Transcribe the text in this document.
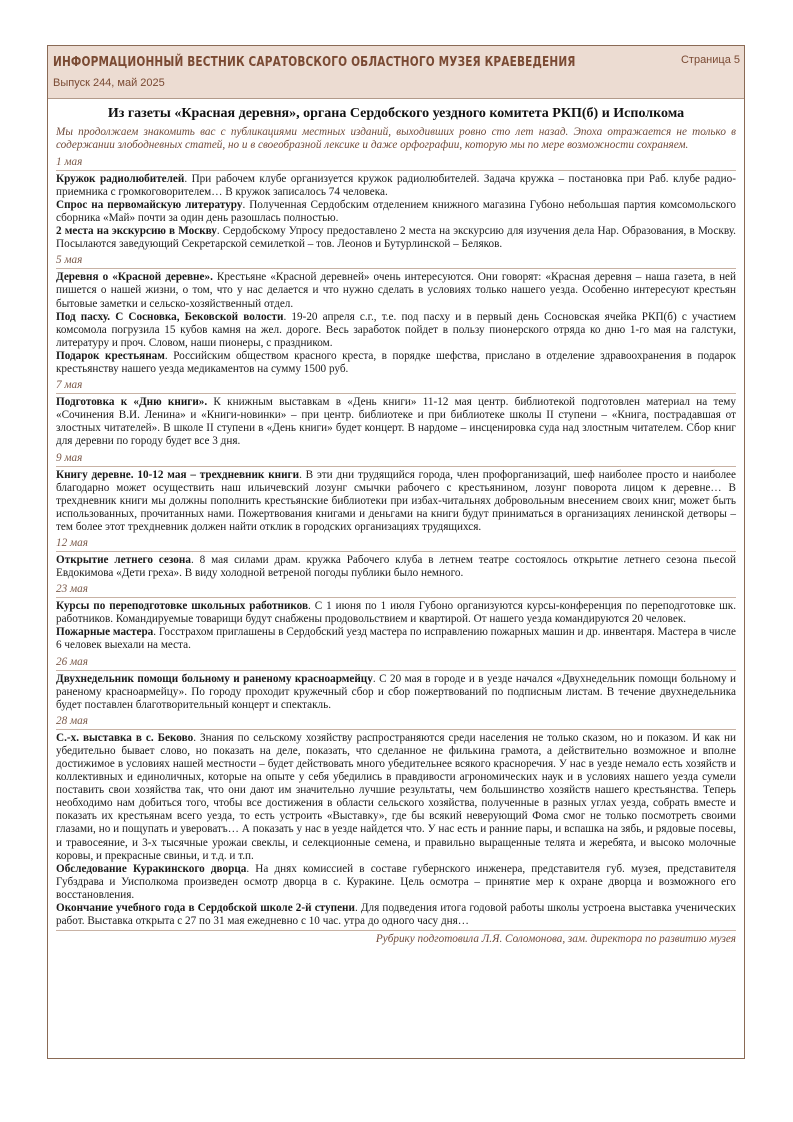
ИНФОРМАЦИОННЫЙ ВЕСТНИК САРАТОВСКОГО ОБЛАСТНОГО МУЗЕЯ КРАЕВЕДЕНИЯ
Выпуск 244, май 2025
Страница 5
Из газеты «Красная деревня», органа Сердобского уездного комитета РКП(б) и Исполкома
Мы продолжаем знакомить вас с публикациями местных изданий, выходивших ровно сто лет назад. Эпоха отражается не только в содержании злободневных статей, но и в своеобразной лексике и даже орфографии, которую мы по мере возможности сохраняем.
1 мая

Кружок радиолюбителей. При рабочем клубе организуется кружок радиолюбителей. Задача кружка – постановка при Раб. клубе радио-приемника с громкоговорителем… В кружок записалось 74 человека.

Спрос на первомайскую литературу. Полученная Сердобским отделением книжного магазина Губоно небольшая партия комсомольского сборника «Май» почти за один день разошлась полностью.

2 места на экскурсию в Москву. Сердобскому Упросу предоставлено 2 места на экскурсию для изучения дела Нар. Образования, в Москву. Посылаются заведующий Секретарской семилеткой – тов. Леонов и Бутурлинской – Беляков.

5 мая

Деревня о «Красной деревне». Крестьяне «Красной деревней» очень интересуются. Они говорят: «Красная деревня – наша газета, в ней пишется о нашей жизни, о том, что у нас делается и что нужно сделать в условиях только нашего уезда. Особенно интересуют крестьян бытовые заметки и сельско-хозяйственный отдел.

Под пасху. С Сосновка, Бековской волости. 19-20 апреля с.г., т.е. под пасху и в первый день Сосновская ячейка РКП(б) с участием комсомола погрузила 15 кубов камня на жел. дороге. Весь заработок пойдет в пользу пионерского отряда ко дню 1-го мая на галстуки, литературу и проч. Словом, наши пионеры, с праздником.

Подарок крестьянам. Российским обществом красного креста, в порядке шефства, прислано в отделение здравоохранения в подарок крестьянству нашего уезда медикаментов на сумму 1500 руб.

7 мая

Подготовка к «Дню книги». К книжным выставкам в «День книги» 11-12 мая центр. библиотекой подготовлен материал на тему «Сочинения В.И. Ленина» и «Книги-новинки» – при центр. библиотеке и при библиотеке школы II ступени – «Книга, пострадавшая от злостных читателей». В школе II ступени в «День книги» будет концерт. В нардоме – инсценировка суда над злостным читателем. Сбор книг для деревни по городу будет все 3 дня.

9 мая

Книгу деревне. 10-12 мая – трехдневник книги. В эти дни трудящийся города, член профорганизаций, шеф наиболее просто и наиболее благодарно может осуществить наш ильичевский лозунг смычки рабочего с крестьянином, лозунг поворота лицом к деревне… В трехдневник книги мы должны пополнить крестьянские библиотеки при избах-читальнях добровольным внесением своих книг, может быть использованных, прочитанных нами. Пожертвования книгами и деньгами на книги будут приниматься в организациях ленинской детворы – тем более этот трехдневник должен найти отклик в городских организациях трудящихся.

12 мая

Открытие летнего сезона. 8 мая силами драм. кружка Рабочего клуба в летнем театре состоялось открытие летнего сезона пьесой Евдокимова «Дети греха». В виду холодной ветреной погоды публики было немного.

23 мая

Курсы по переподготовке школьных работников. С 1 июня по 1 июля Губоно организуются курсы-конференция по переподготовке шк. работников. Командируемые товарищи будут снабжены продовольствием и квартирой. От нашего уезда командируются 20 человек.

Пожарные мастера. Госстрахом приглашены в Сердобский уезд мастера по исправлению пожарных машин и др. инвентаря. Мастера в числе 6 человек выехали на места.

26 мая

Двухнедельник помощи больному и раненому красноармейцу. С 20 мая в городе и в уезде начался «Двухнедельник помощи больному и раненому красноармейцу». По городу проходит кружечный сбор и сбор пожертвований по подписным листам. В течение двухнедельника будет поставлен благотворительный концерт и спектакль.

28 мая

С.-х. выставка в с. Беково. Знания по сельскому хозяйству распространяются среди населения не только сказом, но и показом. И как ни убедительно бывает слово, но показать на деле, показать, что сделанное не филькина грамота, а действительно возможное и вполне достижимое в условиях нашей местности – будет действовать много убедительнее всякого красноречия. У нас в уезде немало есть хозяйств и коллективных и единоличных, которые на опыте у себя убедились в правдивости агрономических наук и в условиях нашего уезда сумели поставить свои хозяйства так, что они дают им значительно лучшие результаты, чем большинство хозяйств нашего крестьянства. Теперь необходимо нам добиться того, чтобы все достижения в области сельского хозяйства, полученные в разных углах уезда, собрать вместе и показать их крестьянам всего уезда, то есть устроить «Выставку», где бы всякий неверующий Фома смог не только посмотреть своими глазами, но и пощупать и увероватъ… А показать у нас в уезде найдется что. У нас есть и ранние пары, и вспашка на зябь, и рядовые посевы, и травосеяние, и 3-х тысячные урожаи свеклы, и селекционные семена, и правильно выращенные телята и жеребята, и высоко молочные коровы, и прекрасные свиньи, и т.д. и т.п.

Обследование Куракинского дворца. На днях комиссией в составе губернского инженера, представителя губ. музея, представителя Губздрава и Уисполкома произведен осмотр дворца в с. Куракине. Цель осмотра – принятие мер к охране дворца и возможного его восстановления.

Окончание учебного года в Сердобской школе 2-й ступени. Для подведения итога годовой работы школы устроена выставка ученических работ. Выставка открыта с 27 по 31 мая ежедневно с 10 час. утра до одного часу дня…

Рубрику подготовила Л.Я. Соломонова, зам. директора по развитию музея
